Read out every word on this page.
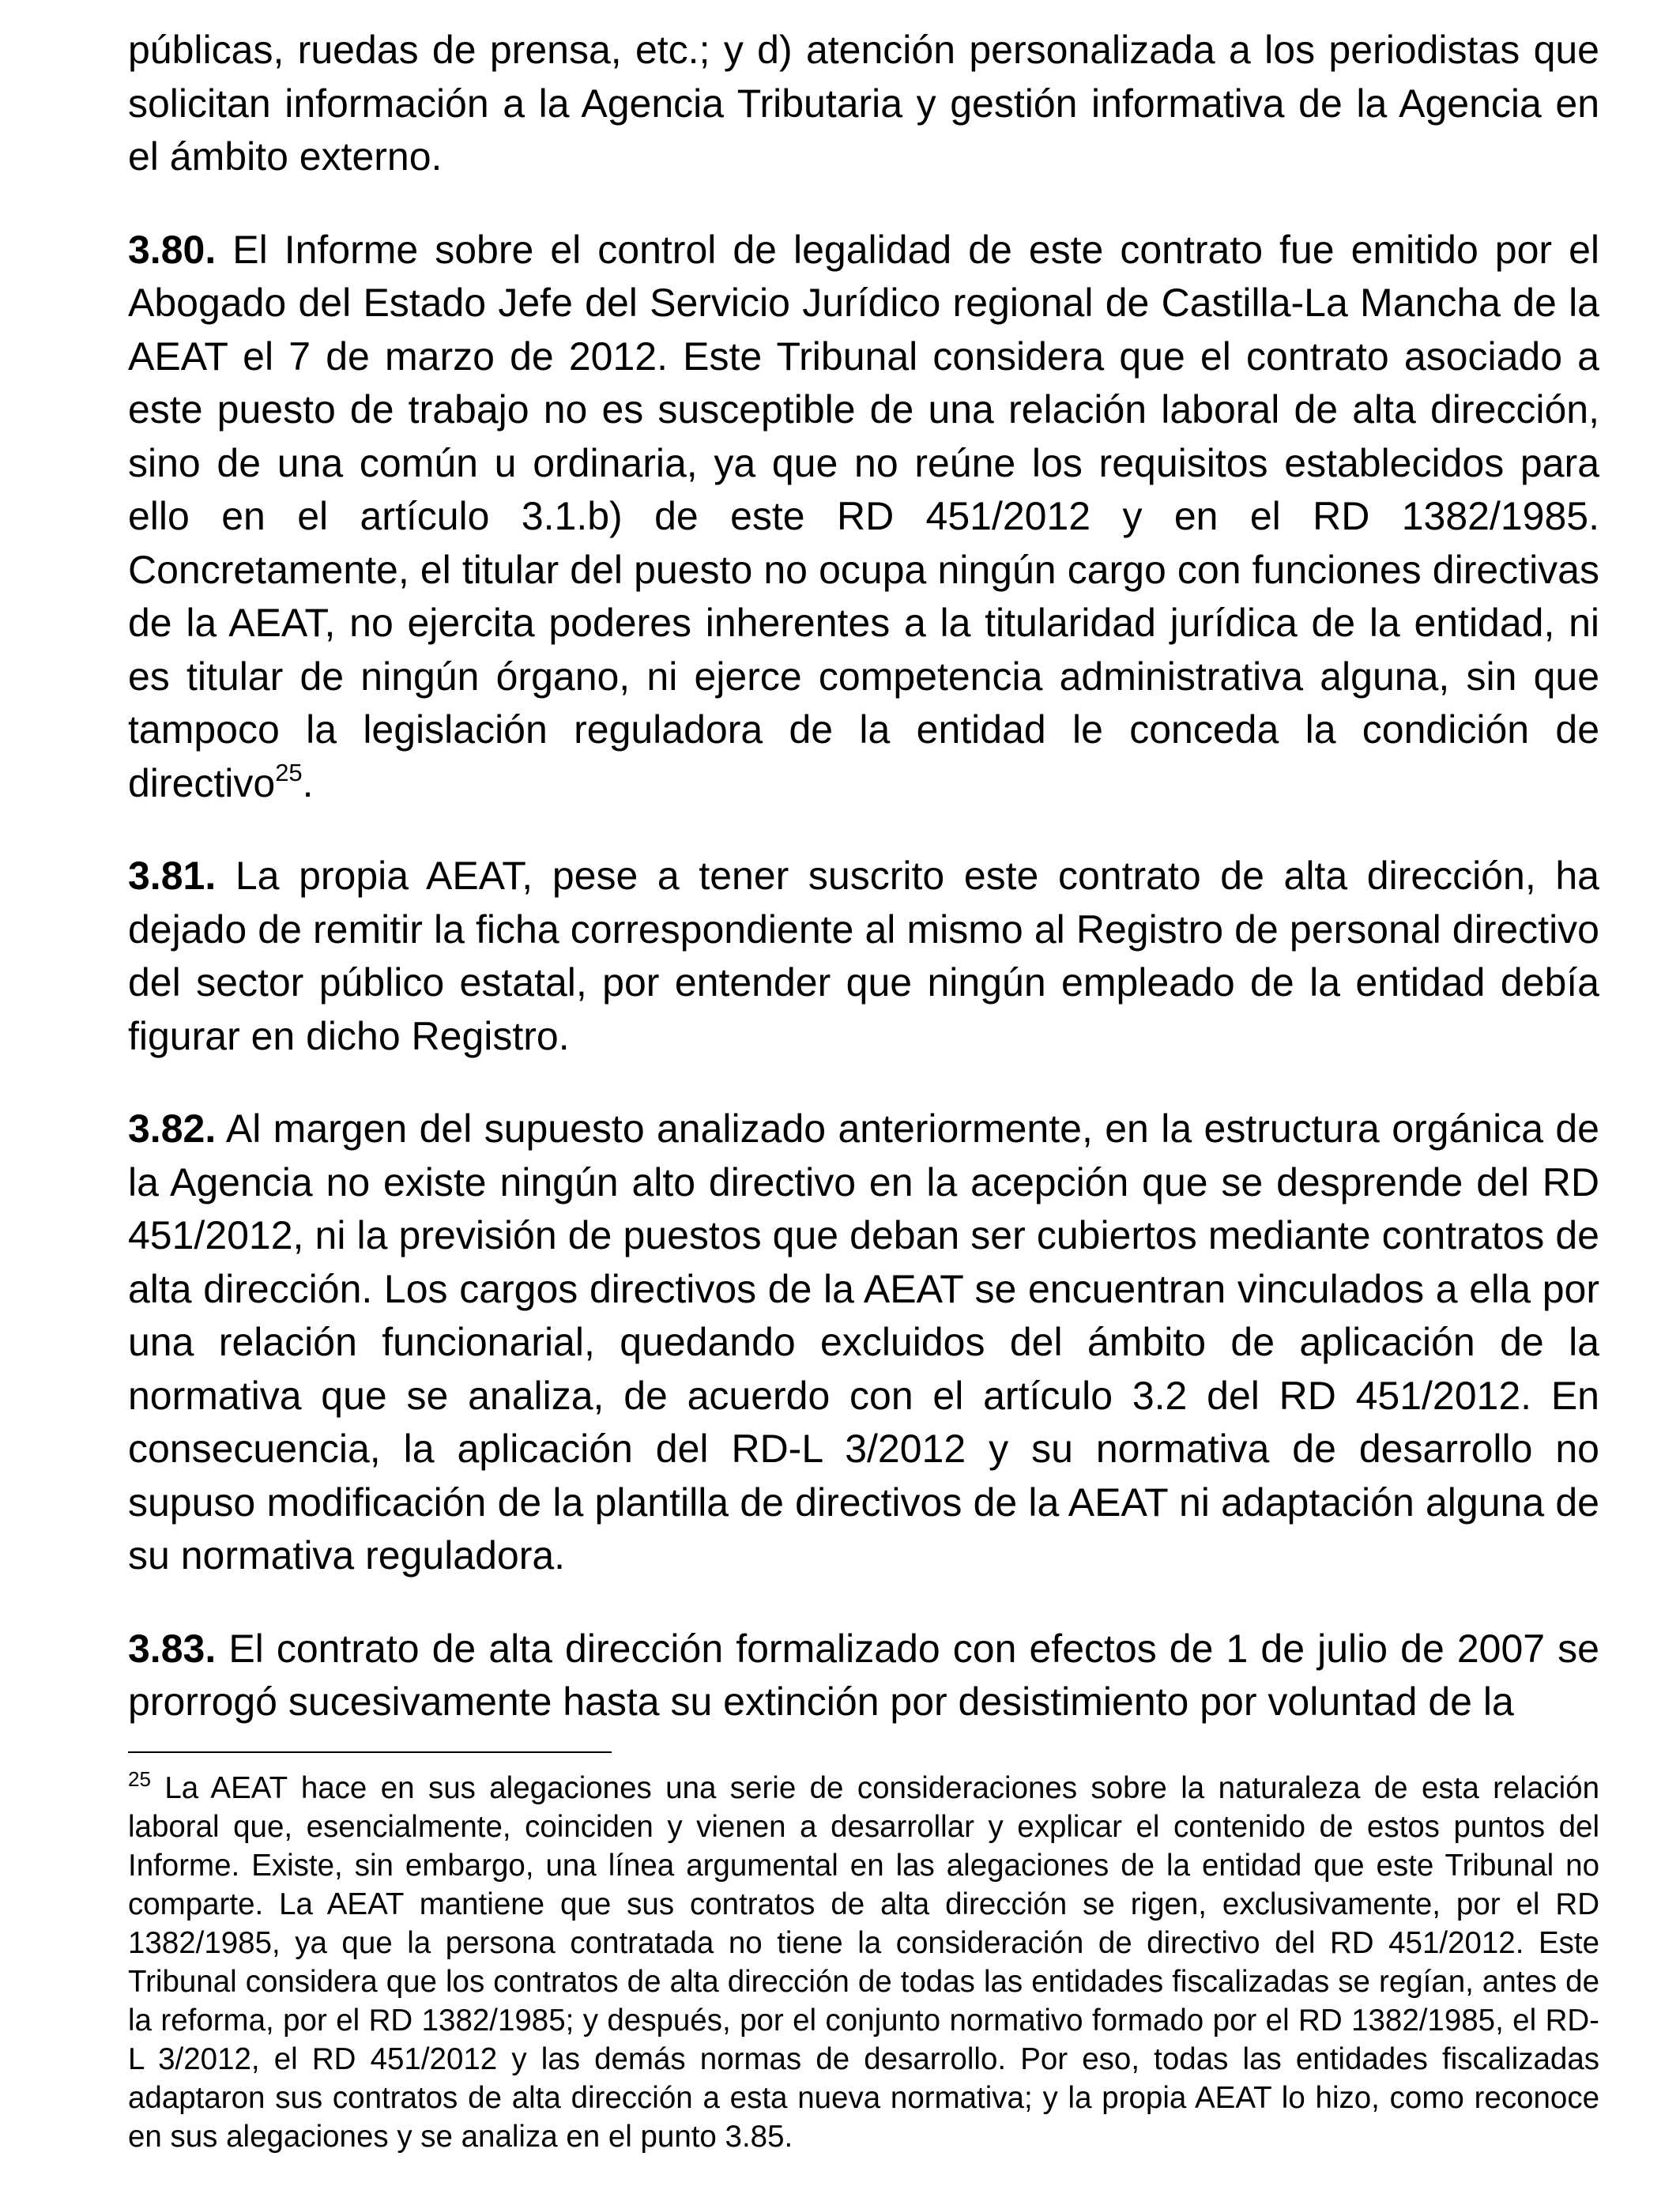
públicas, ruedas de prensa, etc.; y d) atención personalizada a los periodistas que solicitan información a la Agencia Tributaria y gestión informativa de la Agencia en el ámbito externo.

3.80. El Informe sobre el control de legalidad de este contrato fue emitido por el Abogado del Estado Jefe del Servicio Jurídico regional de Castilla-La Mancha de la AEAT el 7 de marzo de 2012. Este Tribunal considera que el contrato asociado a este puesto de trabajo no es susceptible de una relación laboral de alta dirección, sino de una común u ordinaria, ya que no reúne los requisitos establecidos para ello en el artículo 3.1.b) de este RD 451/2012 y en el RD 1382/1985. Concretamente, el titular del puesto no ocupa ningún cargo con funciones directivas de la AEAT, no ejercita poderes inherentes a la titularidad jurídica de la entidad, ni es titular de ningún órgano, ni ejerce competencia administrativa alguna, sin que tampoco la legislación reguladora de la entidad le conceda la condición de directivo$^{25}$.

3.81. La propia AEAT, pese a tener suscrito este contrato de alta dirección, ha dejado de remitir la ficha correspondiente al mismo al Registro de personal directivo del sector público estatal, por entender que ningún empleado de la entidad debía figurar en dicho Registro.

3.82. Al margen del supuesto analizado anteriormente, en la estructura orgánica de la Agencia no existe ningún alto directivo en la acepción que se desprende del RD 451/2012, ni la previsión de puestos que deban ser cubiertos mediante contratos de alta dirección. Los cargos directivos de la AEAT se encuentran vinculados a ella por una relación funcionarial, quedando excluidos del ámbito de aplicación de la normativa que se analiza, de acuerdo con el artículo 3.2 del RD 451/2012. En consecuencia, la aplicación del RD-L 3/2012 y su normativa de desarrollo no supuso modificación de la plantilla de directivos de la AEAT ni adaptación alguna de su normativa reguladora.

3.83. El contrato de alta dirección formalizado con efectos de 1 de julio de 2007 se prorrogó sucesivamente hasta su extinción por desistimiento por voluntad de la

$^{25}$ La AEAT hace en sus alegaciones una serie de consideraciones sobre la naturaleza de esta relación laboral que, esencialmente, coinciden y vienen a desarrollar y explicar el contenido de estos puntos del Informe. Existe, sin embargo, una línea argumental en las alegaciones de la entidad que este Tribunal no comparte. La AEAT mantiene que sus contratos de alta dirección se rigen, exclusivamente, por el RD 1382/1985, ya que la persona contratada no tiene la consideración de directivo del RD 451/2012. Este Tribunal considera que los contratos de alta dirección de todas las entidades fiscalizadas se regían, antes de la reforma, por el RD 1382/1985; y después, por el conjunto normativo formado por el RD 1382/1985, el RD-L 3/2012, el RD 451/2012 y las demás normas de desarrollo. Por eso, todas las entidades fiscalizadas adaptaron sus contratos de alta dirección a esta nueva normativa; y la propia AEAT lo hizo, como reconoce en sus alegaciones y se analiza en el punto 3.85.
